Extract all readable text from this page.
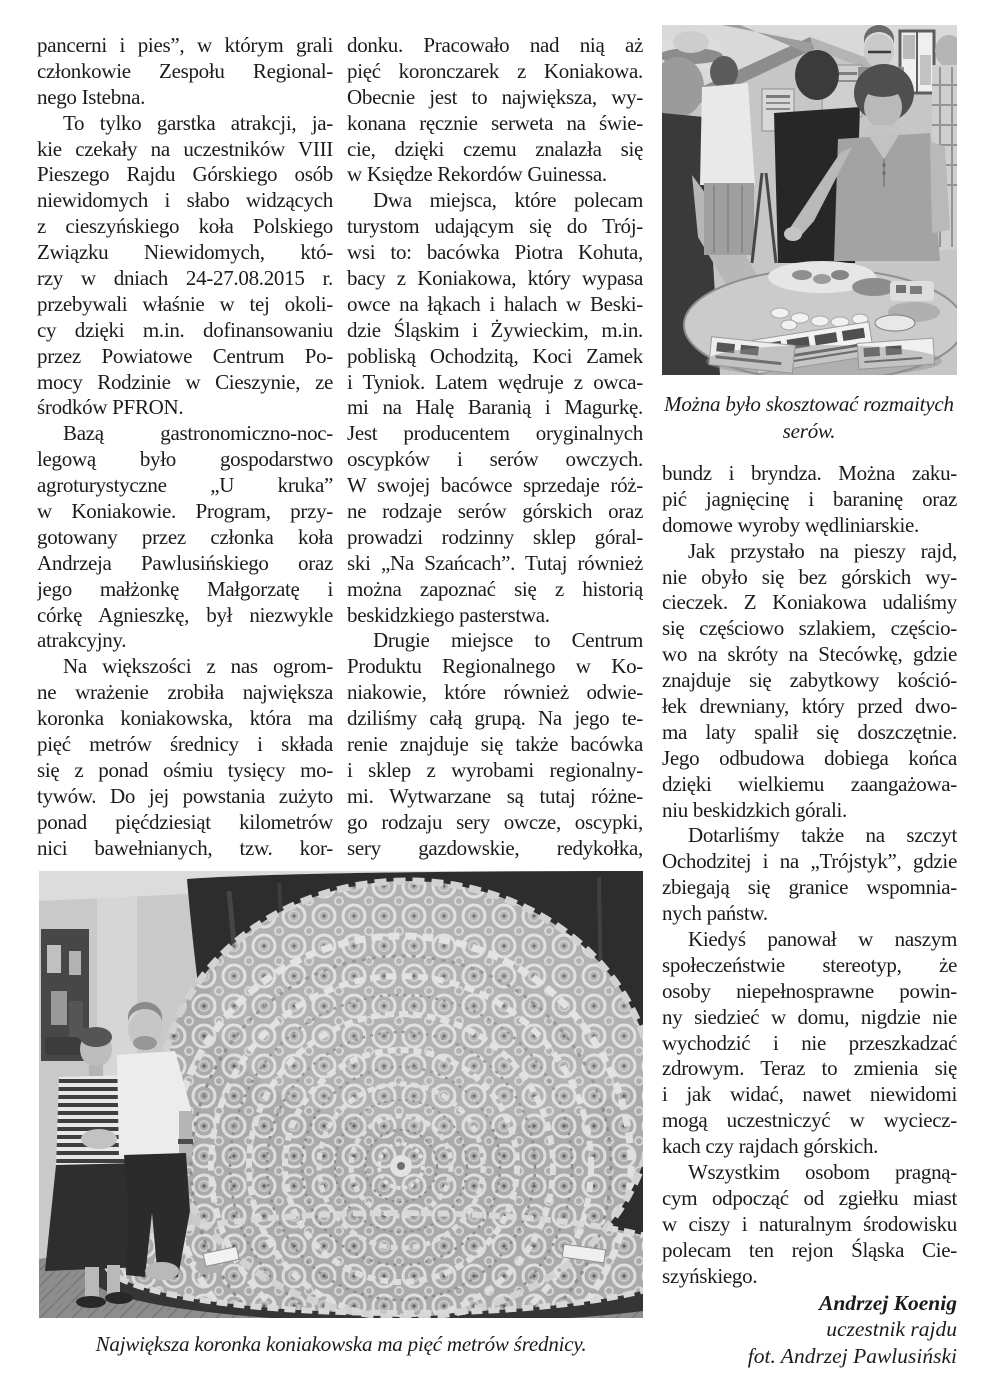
pancerni i pies”, w którym grali
członkowie Zespołu Regional-
nego Istebna.
To tylko garstka atrakcji, ja-
kie czekały na uczestników VIII
Pieszego Rajdu Górskiego osób
niewidomych i słabo widzących
z cieszyńskiego koła Polskiego
Związku Niewidomych, któ-
rzy w dniach 24-27.08.2015 r.
przebywali właśnie w tej okoli-
cy dzięki m.in. dofinansowaniu
przez Powiatowe Centrum Po-
mocy Rodzinie w Cieszynie, ze
środków PFRON.
Bazą gastronomiczno-noc-
legową było gospodarstwo
agroturystyczne „U kruka”
w Koniakowie. Program, przy-
gotowany przez członka koła
Andrzeja Pawlusińskiego oraz
jego małżonkę Małgorzatę i
córkę Agnieszkę, był niezwykle
atrakcyjny.
Na większości z nas ogrom-
ne wrażenie zrobiła największa
koronka koniakowska, która ma
pięć metrów średnicy i składa
się z ponad ośmiu tysięcy mo-
tywów. Do jej powstania zużyto
ponad pięćdziesiąt kilometrów
nici bawełnianych, tzw. kor-
donku. Pracowało nad nią aż
pięć koronczarek z Koniakowa.
Obecnie jest to największa, wy-
konana ręcznie serweta na świe-
cie, dzięki czemu znalazła się
w Księdze Rekordów Guinessa.
Dwa miejsca, które polecam
turystom udającym się do Trój-
wsi to: bacówka Piotra Kohuta,
bacy z Koniakowa, który wypasa
owce na łąkach i halach w Beski-
dzie Śląskim i Żywieckim, m.in.
pobliską Ochodzitą, Koci Zamek
i Tyniok. Latem wędruje z owca-
mi na Halę Baranią i Magurkę.
Jest producentem oryginalnych
oscypków i serów owczych.
W swojej bacówce sprzedaje róż-
ne rodzaje serów górskich oraz
prowadzi rodzinny sklep góral-
ski „Na Szańcach”. Tutaj również
można zapoznać się z historią
beskidzkiego pasterstwa.
Drugie miejsce to Centrum
Produktu Regionalnego w Ko-
niakowie, które również odwie-
dziliśmy całą grupą. Na jego te-
renie znajduje się także bacówka
i sklep z wyrobami regionalny-
mi. Wytwarzane są tutaj różne-
go rodzaju sery owcze, oscypki,
sery gazdowskie, redykołka,
bundz i bryndza. Można zaku-
pić jagnięcinę i baraninę oraz
domowe wyroby wędliniarskie.
Jak przystało na pieszy rajd,
nie obyło się bez górskich wy-
cieczek. Z Koniakowa udaliśmy
się częściowo szlakiem, częścio-
wo na skróty na Stecówkę, gdzie
znajduje się zabytkowy kośció-
łek drewniany, który przed dwo-
ma laty spalił się doszczętnie.
Jego odbudowa dobiega końca
dzięki wielkiemu zaangażowa-
niu beskidzkich górali.
Dotarliśmy także na szczyt
Ochodzitej i na „Trójstyk”, gdzie
zbiegają się granice wspomnia-
nych państw.
Kiedyś panował w naszym
społeczeństwie stereotyp, że
osoby niepełnosprawne powin-
ny siedzieć w domu, nigdzie nie
wychodzić i nie przeszkadzać
zdrowym. Teraz to zmienia się
i jak widać, nawet niewidomi
mogą uczestniczyć w wyciecz-
kach czy rajdach górskich.
Wszystkim osobom pragną-
cym odpocząć od zgiełku miast
w ciszy i naturalnym środowisku
polecam ten rejon Śląska Cie-
szyńskiego.
Można było skosztować rozmaitych
serów.
Największa koronka koniakowska ma pięć metrów średnicy.
Andrzej Koenig
uczestnik rajdu
fot. Andrzej Pawlusiński
